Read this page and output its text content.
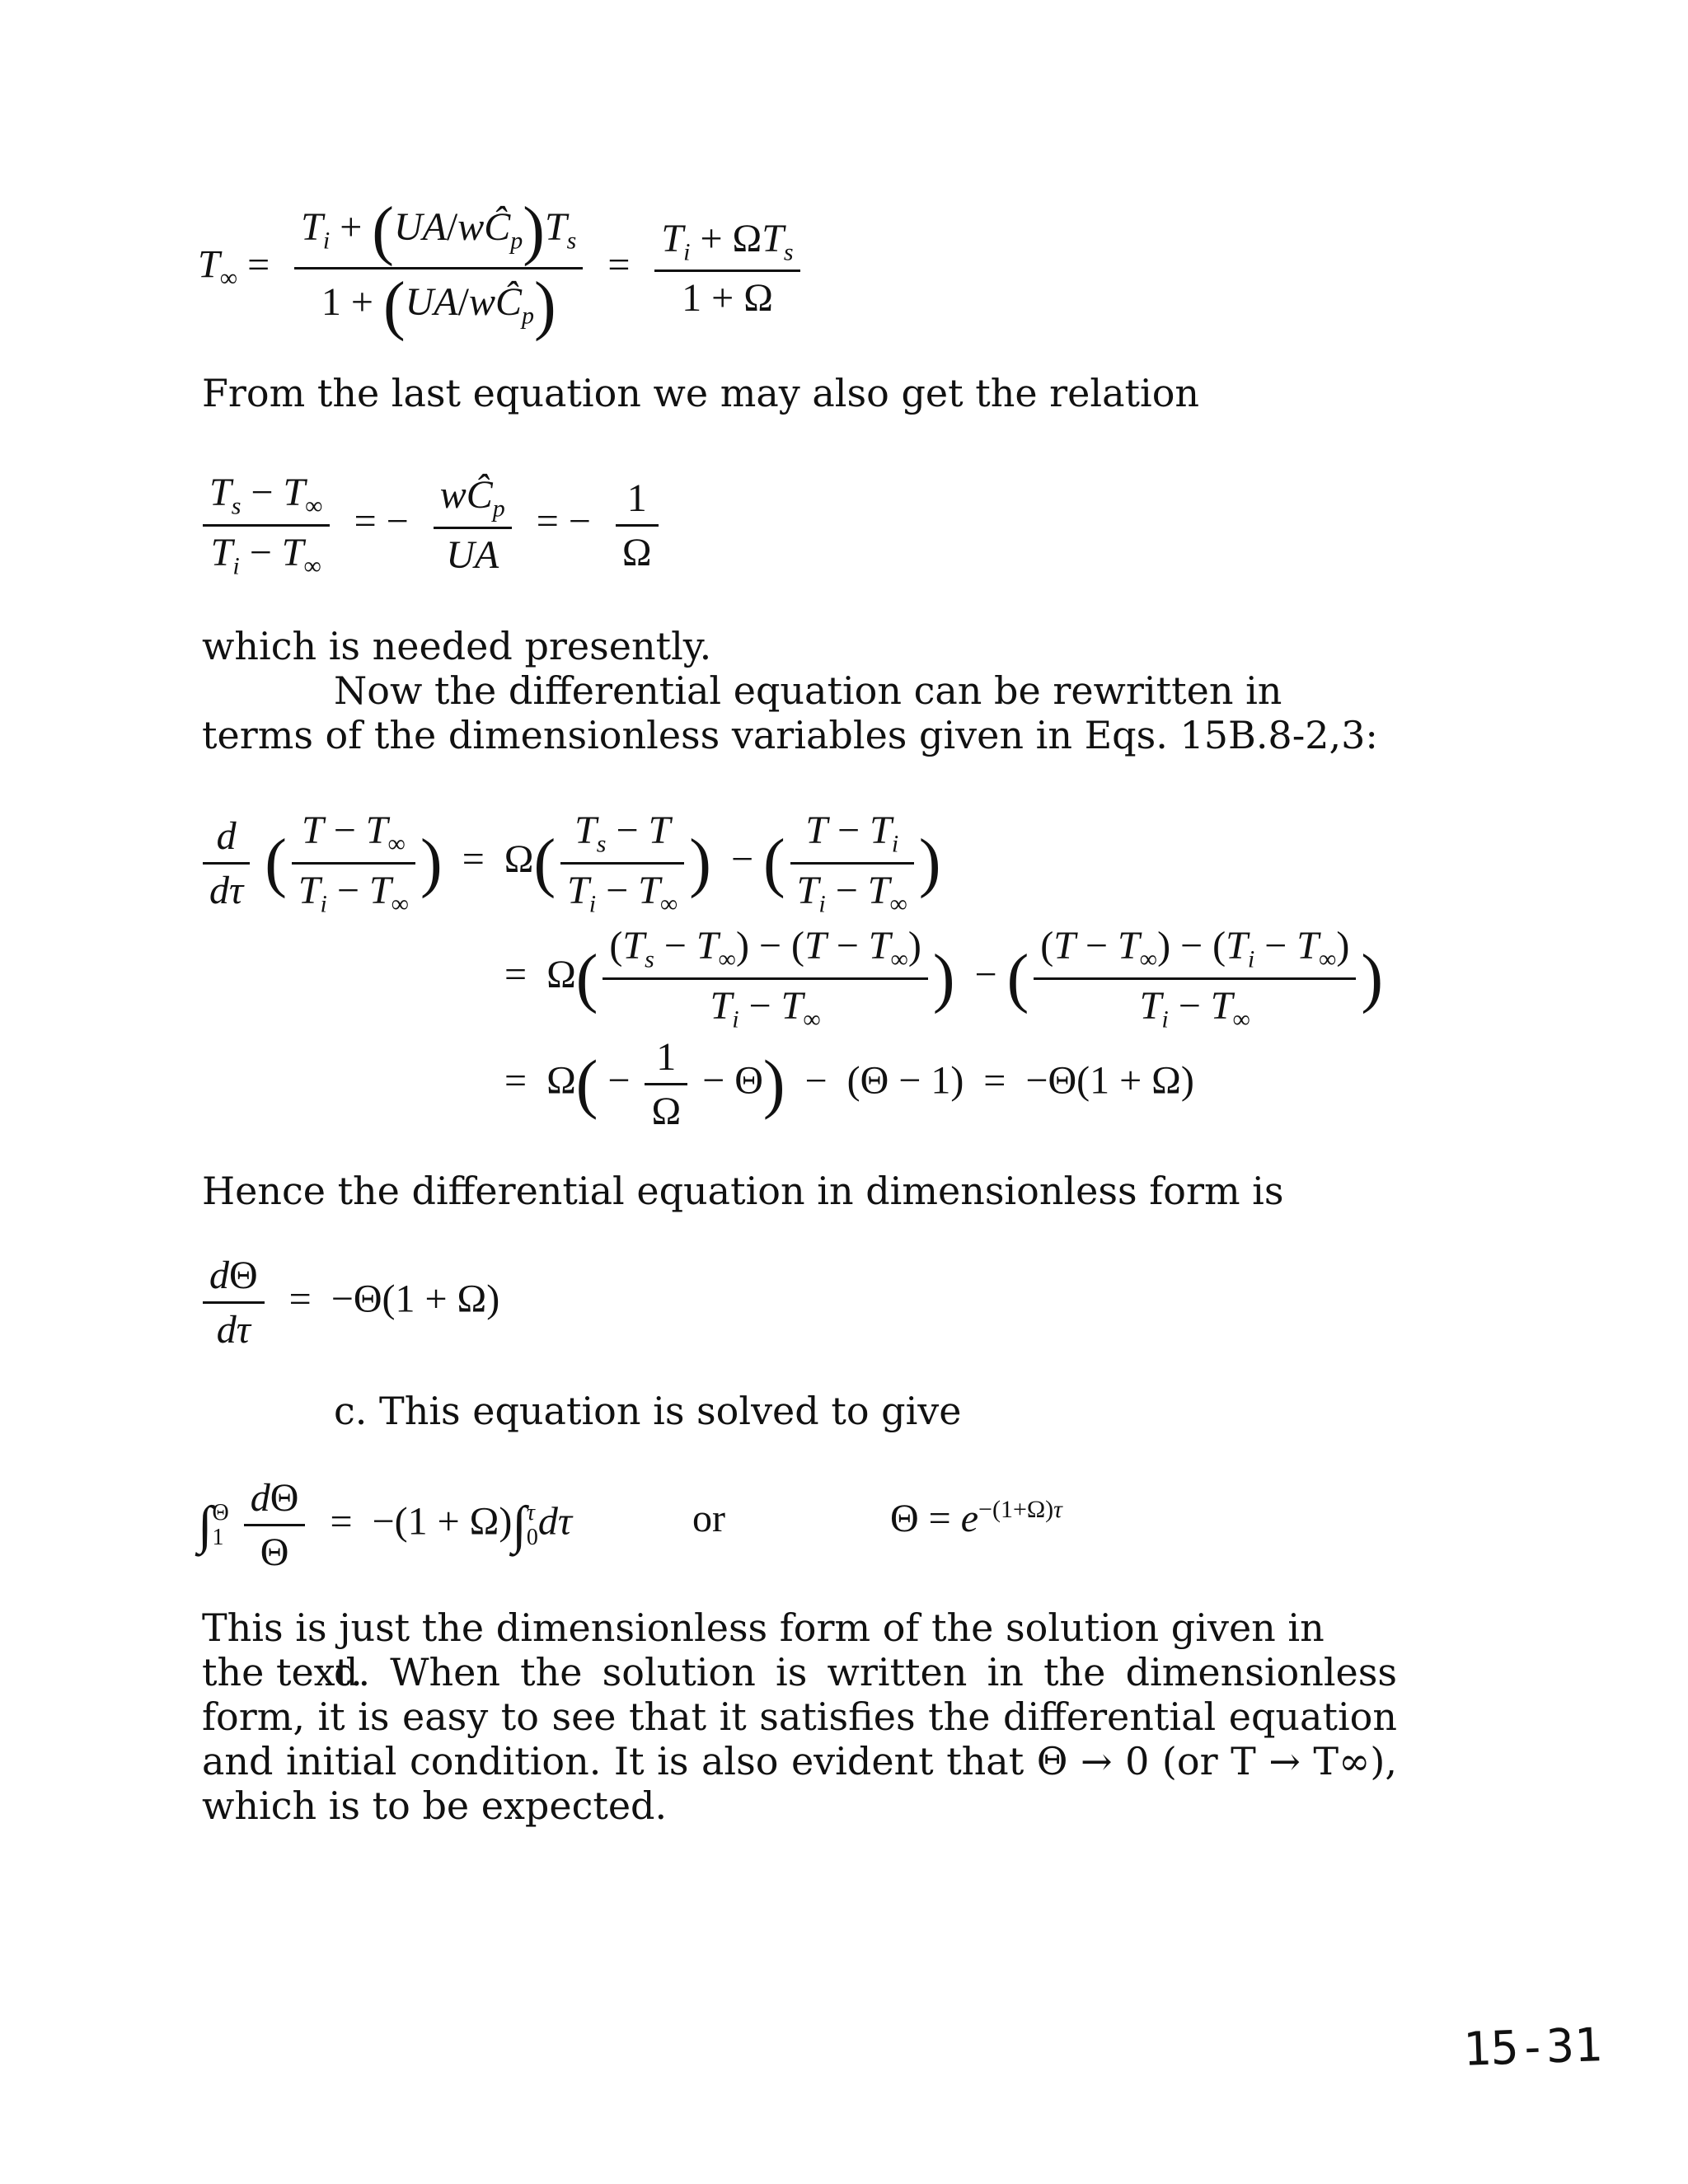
$T_\infty = \frac{T_i + (UA/wĈ_p)T_s}{1 + (UA/wĈ_p)} = \frac{T_i + \Omega T_s}{1 + \Omega}$
From the last equation we may also get the relation
$\frac{T_s - T_\infty}{T_i - T_\infty}$ = − $\frac{wĈ_p}{UA}$ = − $\frac{1}{\Omega}$
which is needed presently.
Now the differential equation can be rewritten in terms of the dimensionless variables given in Eqs. 15B.8-2,3:
$\frac{d}{d\tau}$ ( $\frac{T - T_\infty}{T_i - T_\infty}$ ) = $\Omega( \frac{T_s - T}{T_i - T_\infty}$ ) − ( $\frac{T - T_i}{T_i - T_\infty}$ )
= $\Omega( \frac{(T_s - T_\infty) - (T - T_\infty)}{T_i - T_\infty}$ ) − ( $\frac{(T - T_\infty) - (T_i - T_\infty)}{T_i - T_\infty}$ )
= $\Omega( - \frac{1}{\Omega} - \Theta) - (\Theta - 1) = -\Theta(1 + \Omega)$
Hence the differential equation in dimensionless form is
$\frac{d\Theta}{d\tau} = -\Theta(1 + \Omega)$
c. This equation is solved to give
∫ Θ
1
$\frac{d\Theta}{\Theta} = -(1 + \Omega)\int$ τ
0 dτ	or	$\Theta = e^{-(1+\Omega)\tau}$
This is just the dimensionless form of the solution given in the text.
d. When the solution is written in the dimensionless form, it is easy to see that it satisfies the differential equation and initial condition. It is also evident that Θ → 0 (or T → T∞), which is to be expected.
15-31
